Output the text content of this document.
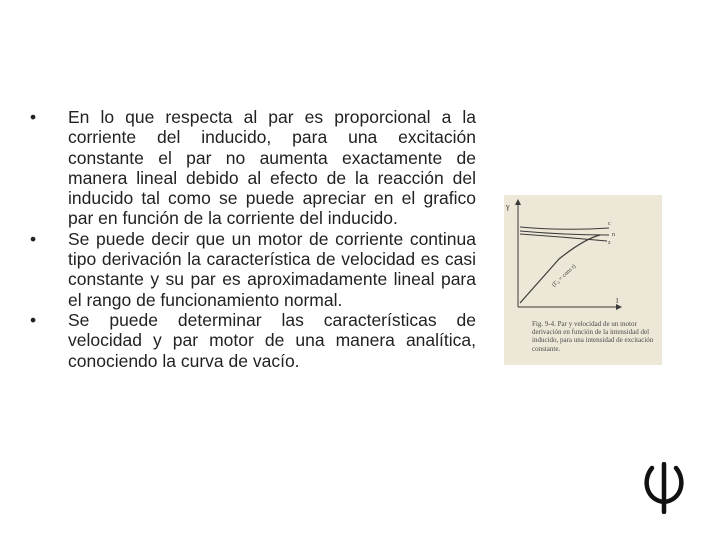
•	En lo que respecta al par es proporcional a la corriente del inducido, para una excitación constante el par no aumenta exactamente de manera lineal debido al efecto de la reacción del inducido tal como se puede apreciar en el grafico par en función de la corriente del inducido.
•	Se puede decir que un motor de corriente continua tipo derivación la característica de velocidad es casi constante y su par es aproximadamente lineal para el rango de funcionamiento normal.
•	Se puede determinar las características de velocidad y par motor de una manera analítica, conociendo la curva de vacío.
γ
I
c
n
z
(Γ₀ = cons t)
Fig. 9-4. Par y velocidad de un motor derivación en función de la intensidad del inducido, para una intensidad de excitación constante.
